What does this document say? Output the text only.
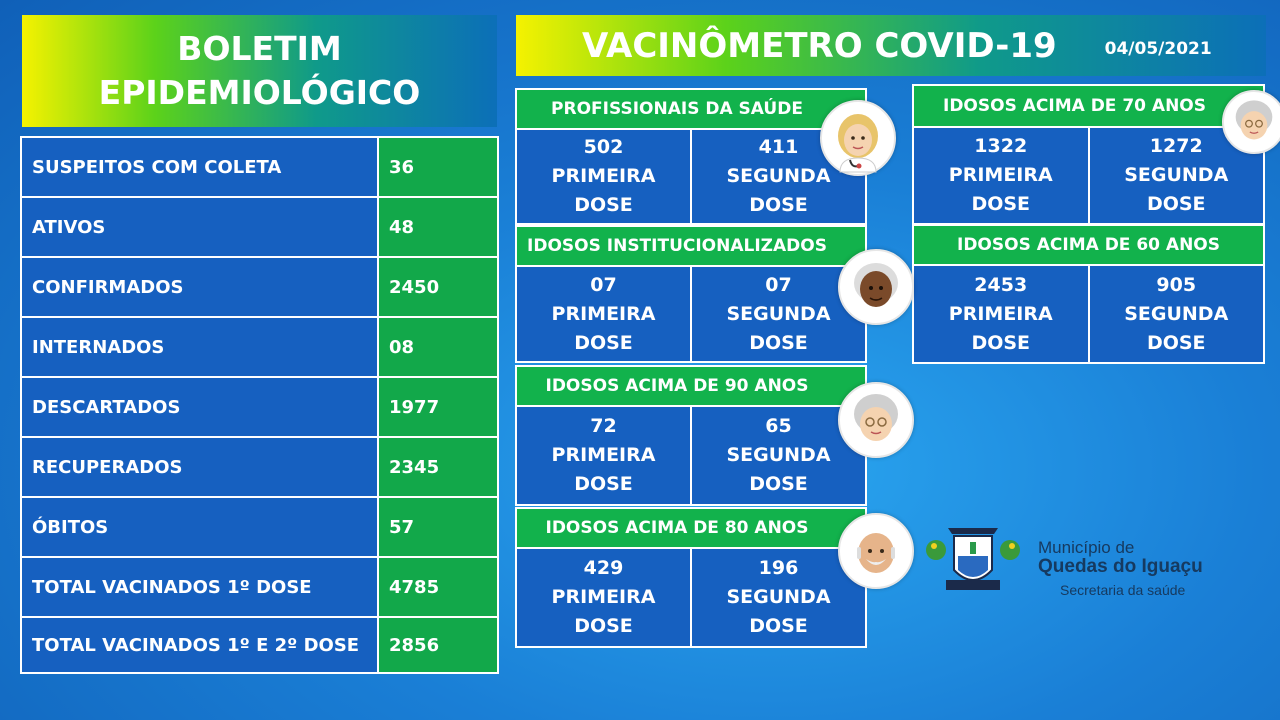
BOLETIM
EPIDEMIOLÓGICO
SUSPEITOS COM COLETA	36
ATIVOS	48
CONFIRMADOS	2450
INTERNADOS	08
DESCARTADOS	1977
RECUPERADOS	2345
ÓBITOS	57
TOTAL VACINADOS 1º DOSE	4785
TOTAL VACINADOS 1º E 2º DOSE	2856
VACINÔMETRO COVID-19	04/05/2021
PROFISSIONAIS DA SAÚDE
502
PRIMEIRA
DOSE
411
SEGUNDA
DOSE
IDOSOS INSTITUCIONALIZADOS
07
PRIMEIRA
DOSE
07
SEGUNDA
DOSE
IDOSOS ACIMA DE 90 ANOS
72
PRIMEIRA
DOSE
65
SEGUNDA
DOSE
IDOSOS ACIMA DE 80 ANOS
429
PRIMEIRA
DOSE
196
SEGUNDA
DOSE
IDOSOS ACIMA DE 70 ANOS
1322
PRIMEIRA
DOSE
1272
SEGUNDA
DOSE
IDOSOS ACIMA DE 60 ANOS
2453
PRIMEIRA
DOSE
905
SEGUNDA
DOSE
Município de
Quedas do Iguaçu
Secretaria da saúde
